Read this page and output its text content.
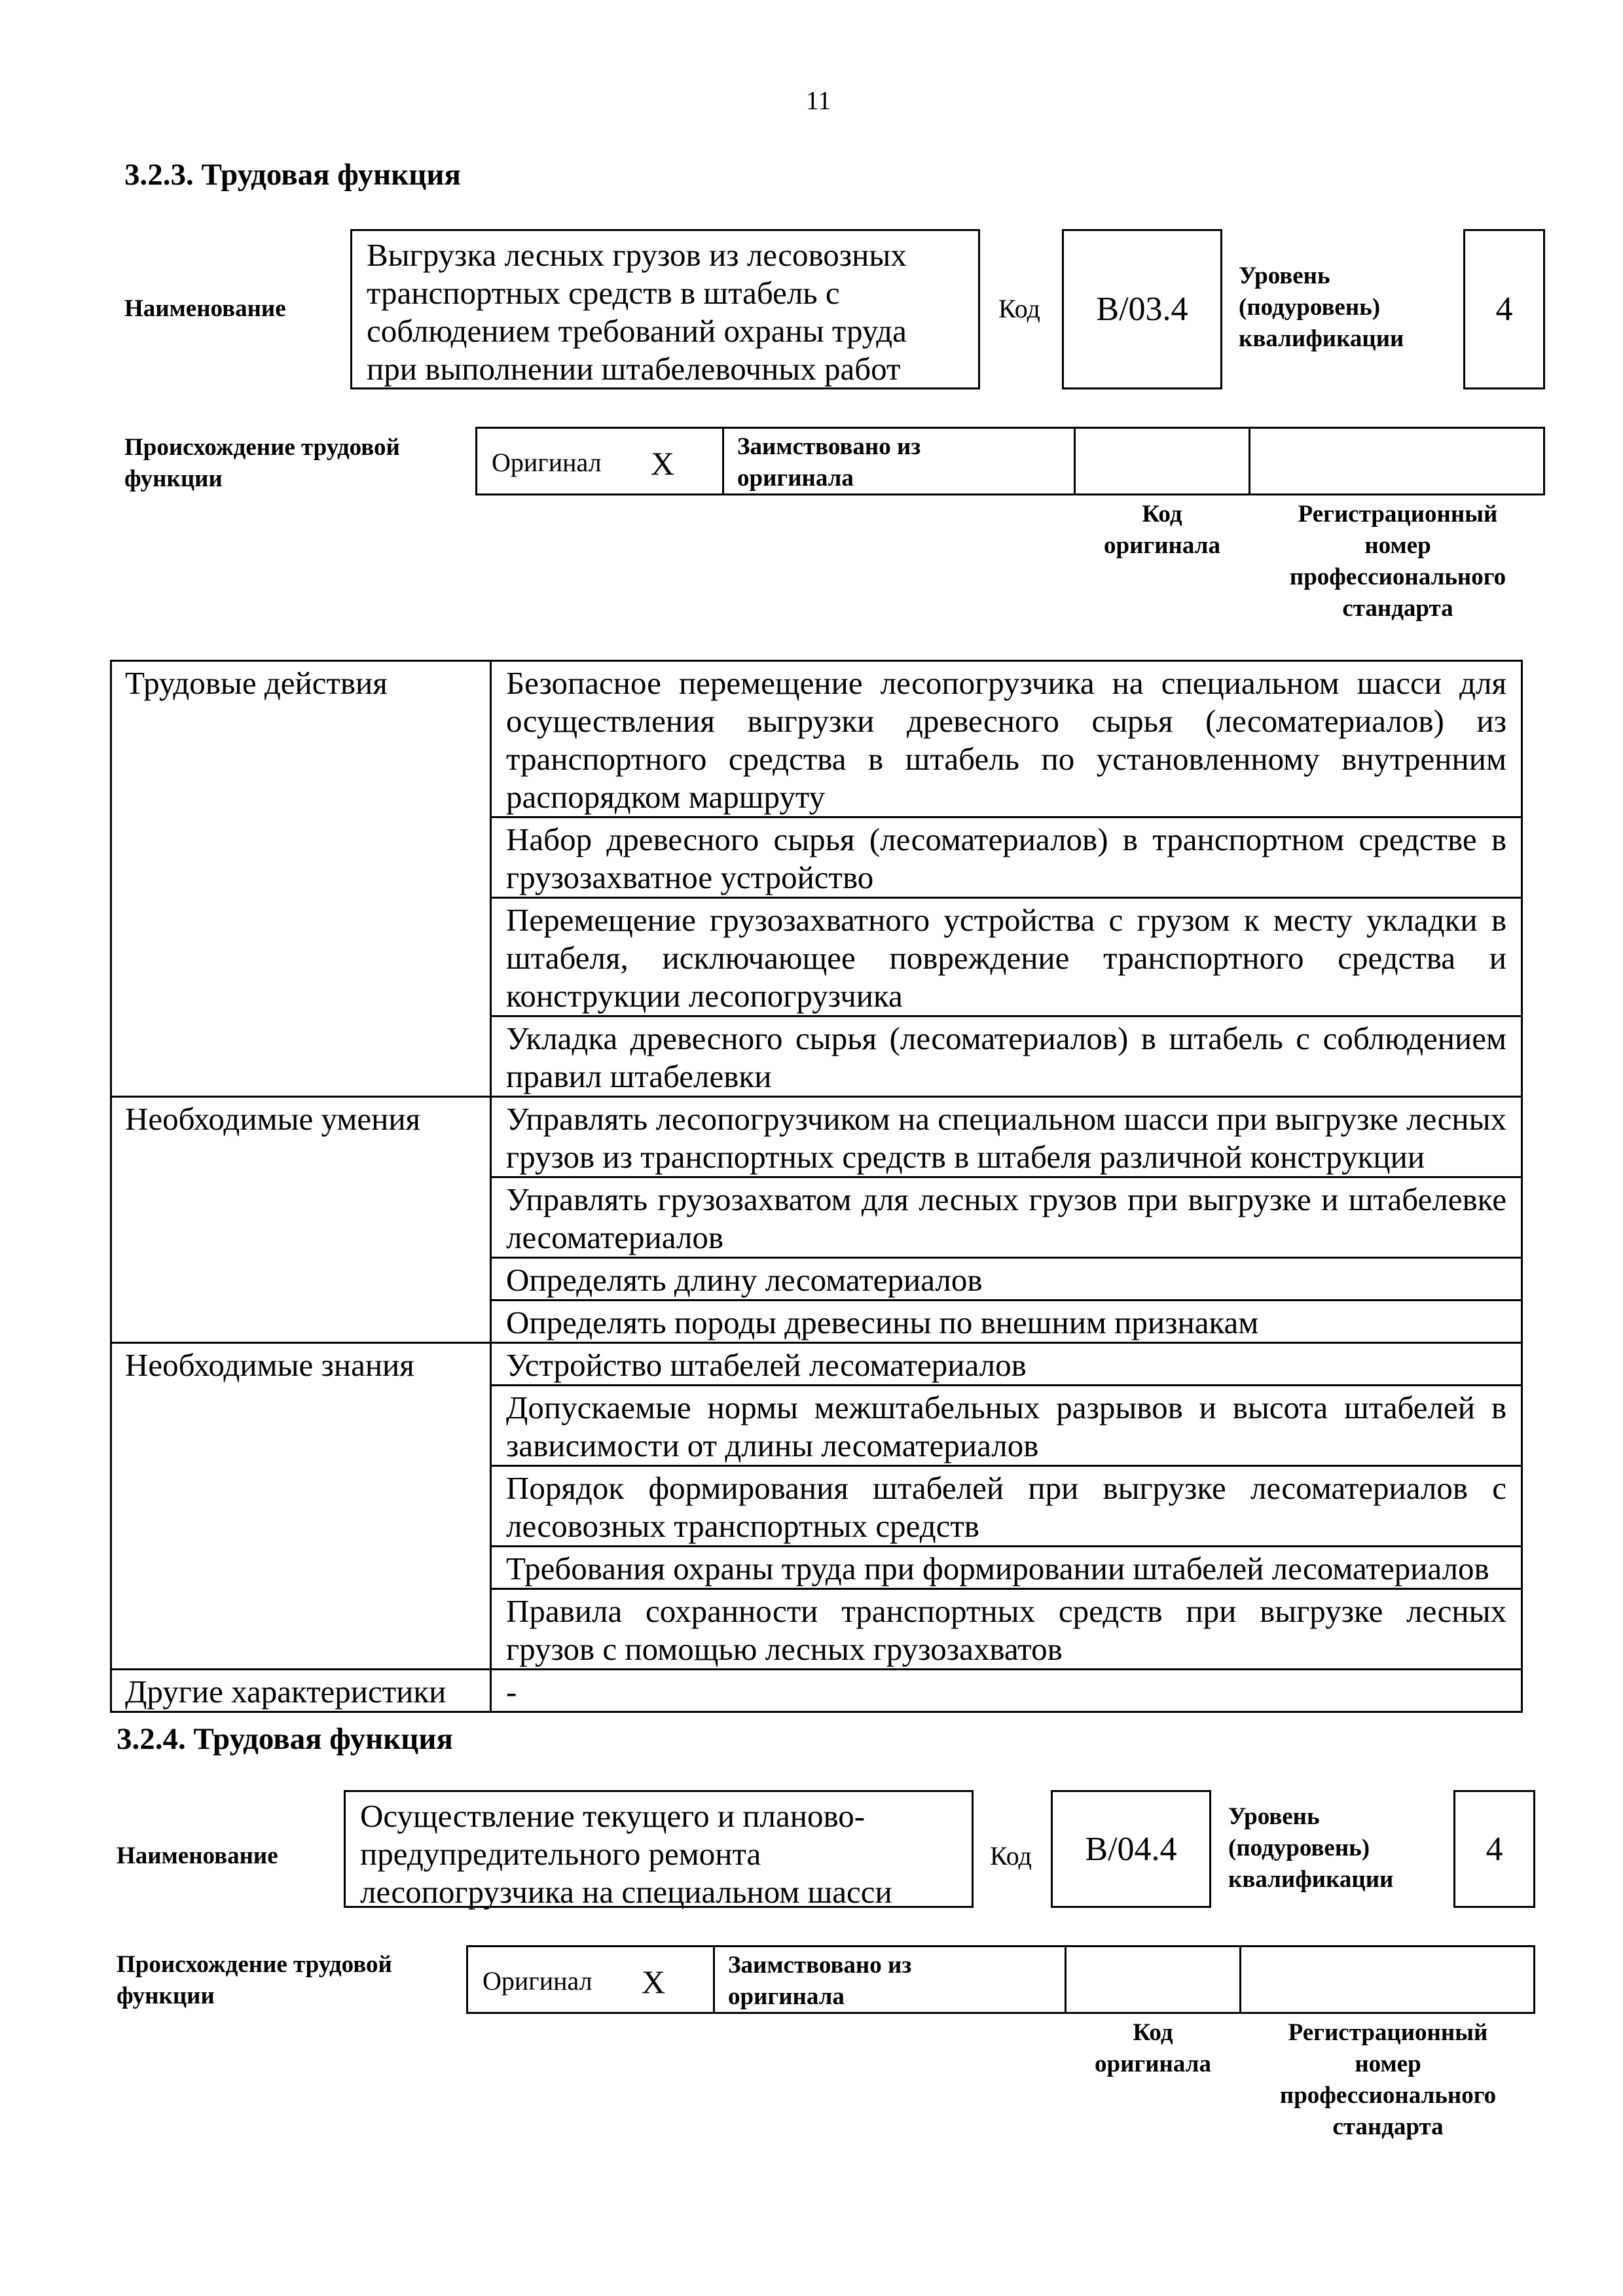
11
3.2.3. Трудовая функция
Наименование
Выгрузка лесных грузов из лесовозных транспортных средств в штабель с соблюдением требований охраны труда при выполнении штабелевочных работ
Код	B/03.4
Уровень (подуровень) квалификации
4
Происхождение трудовой функции
Оригинал X	Заимствовано из оригинала
Код оригинала
Регистрационный номер профессионального стандарта
Трудовые действия	Безопасное перемещение лесопогрузчика на специальном шасси для осуществления выгрузки древесного сырья (лесоматериалов) из транспортного средства в штабель по установленному внутренним распорядком маршруту
	Набор древесного сырья (лесоматериалов) в транспортном средстве в грузозахватное устройство
	Перемещение грузозахватного устройства с грузом к месту укладки в штабеля, исключающее повреждение транспортного средства и конструкции лесопогрузчика
	Укладка древесного сырья (лесоматериалов) в штабель с соблюдением правил штабелевки
Необходимые умения	Управлять лесопогрузчиком на специальном шасси при выгрузке лесных грузов из транспортных средств в штабеля различной конструкции
	Управлять грузозахватом для лесных грузов при выгрузке и штабелевке лесоматериалов
	Определять длину лесоматериалов
	Определять породы древесины по внешним признакам
Необходимые знания	Устройство штабелей лесоматериалов
	Допускаемые нормы межштабельных разрывов и высота штабелей в зависимости от длины лесоматериалов
	Порядок формирования штабелей при выгрузке лесоматериалов с лесовозных транспортных средств
	Требования охраны труда при формировании штабелей лесоматериалов
	Правила сохранности транспортных средств при выгрузке лесных грузов с помощью лесных грузозахватов
Другие характеристики	-
3.2.4. Трудовая функция
Наименование
Осуществление текущего и планово-предупредительного ремонта лесопогрузчика на специальном шасси
Код	B/04.4
Уровень (подуровень) квалификации
4
Происхождение трудовой функции
Оригинал X	Заимствовано из оригинала
Код оригинала
Регистрационный номер профессионального стандарта
